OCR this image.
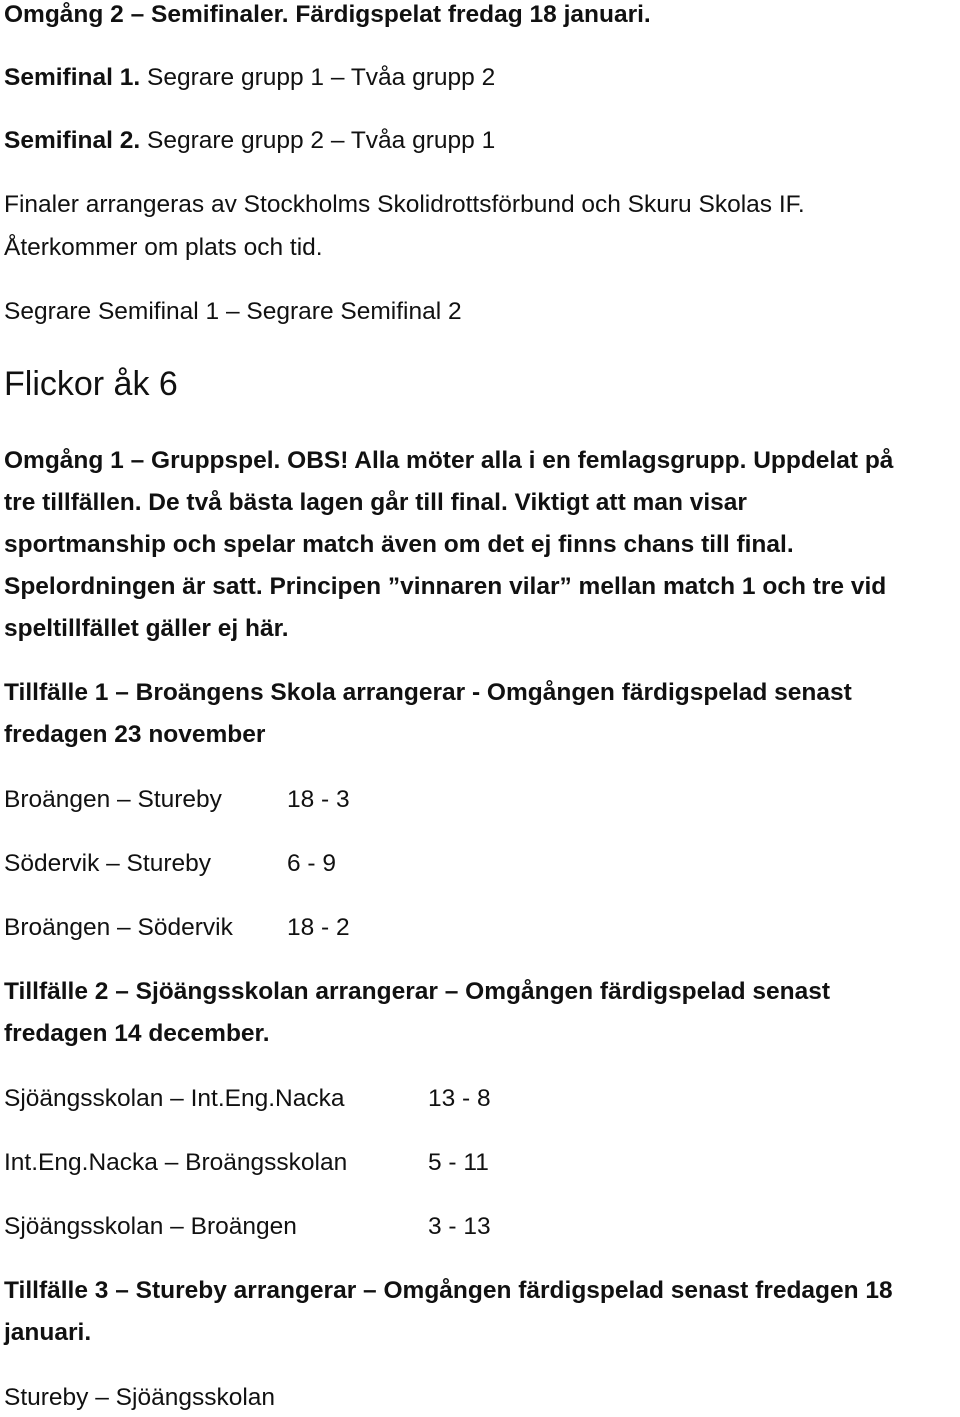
Omgång 2 – Semifinaler. Färdigspelat fredag 18 januari.
Semifinal 1. Segrare grupp 1 – Tvåa grupp 2
Semifinal 2. Segrare grupp 2 – Tvåa grupp 1
Finaler arrangeras av Stockholms Skolidrottsförbund och Skuru Skolas IF.
Återkommer om plats och tid.
Segrare Semifinal 1 – Segrare Semifinal 2
Flickor åk 6
Omgång 1 – Gruppspel. OBS! Alla möter alla i en femlagsgrupp. Uppdelat på
tre tillfällen. De två bästa lagen går till final. Viktigt att man visar
sportmanship och spelar match även om det ej finns chans till final.
Spelordningen är satt. Principen ”vinnaren vilar” mellan match 1 och tre vid
speltillfället gäller ej här.
Tillfälle 1 – Broängens Skola arrangerar - Omgången färdigspelad senast
fredagen 23 november
Broängen – Stureby	18 - 3
Södervik – Stureby	6 - 9
Broängen – Södervik 18 - 2
Tillfälle 2 – Sjöängsskolan arrangerar – Omgången färdigspelad senast
fredagen 14 december.
Sjöängsskolan – Int.Eng.Nacka	13 - 8
Int.Eng.Nacka – Broängsskolan	5 - 11
Sjöängsskolan – Broängen	3 - 13
Tillfälle 3 – Stureby arrangerar – Omgången färdigspelad senast fredagen 18
januari.
Stureby – Sjöängsskolan
